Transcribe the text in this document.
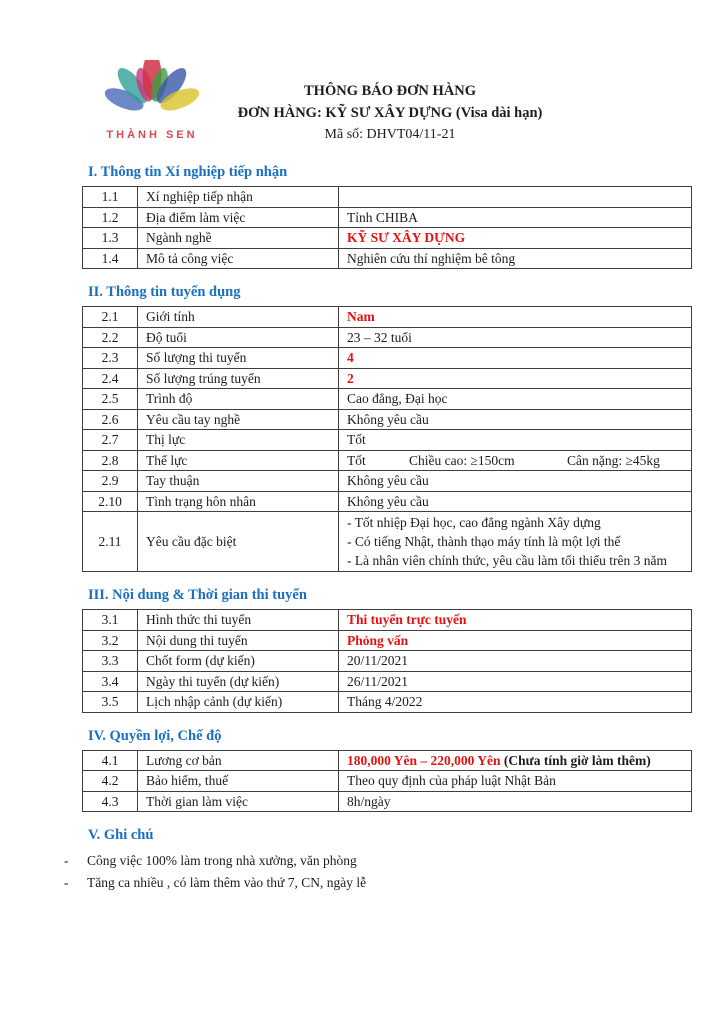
THÀNH SEN
THÔNG BÁO ĐƠN HÀNG
ĐƠN HÀNG: KỸ SƯ XÂY DỰNG (Visa dài hạn)
Mã số: DHVT04/11-21
I. Thông tin Xí nghiệp tiếp nhận
1.1	Xí nghiệp tiếp nhận	
1.2	Địa điểm làm việc	Tỉnh CHIBA
1.3	Ngành nghề	KỸ SƯ XÂY DỰNG
1.4	Mô tả công việc	Nghiên cứu thí nghiệm bê tông
II. Thông tin tuyển dụng
2.1	Giới tính	Nam
2.2	Độ tuổi	23 – 32 tuổi
2.3	Số lượng thi tuyển	4
2.4	Số lượng trúng tuyển	2
2.5	Trình độ	Cao đẳng, Đại học
2.6	Yêu cầu tay nghề	Không yêu cầu
2.7	Thị lực	Tốt
2.8	Thể lực	Tốt Chiều cao: ≥150cm Cân nặng: ≥45kg
2.9	Tay thuận	Không yêu cầu
2.10	Tình trạng hôn nhân	Không yêu cầu
2.11	Yêu cầu đặc biệt	- Tốt nhiệp Đại học, cao đẳng ngành Xây dựng
- Có tiếng Nhật, thành thạo máy tính là một lợi thế
- Là nhân viên chính thức, yêu cầu làm tối thiểu trên 3 năm
III. Nội dung & Thời gian thi tuyển
3.1	Hình thức thi tuyển	Thi tuyển trực tuyến
3.2	Nội dung thi tuyển	Phỏng vấn
3.3	Chốt form (dự kiến)	20/11/2021
3.4	Ngày thi tuyển (dự kiến)	26/11/2021
3.5	Lịch nhập cảnh (dự kiến)	Tháng 4/2022
IV. Quyền lợi, Chế độ
4.1	Lương cơ bản	180,000 Yên – 220,000 Yên (Chưa tính giờ làm thêm)
4.2	Bảo hiểm, thuế	Theo quy định của pháp luật Nhật Bản
4.3	Thời gian làm việc	8h/ngày
V. Ghi chú
-	Công việc 100% làm trong nhà xưởng, văn phòng
-	Tăng ca nhiều , có làm thêm vào thứ 7, CN, ngày lễ
